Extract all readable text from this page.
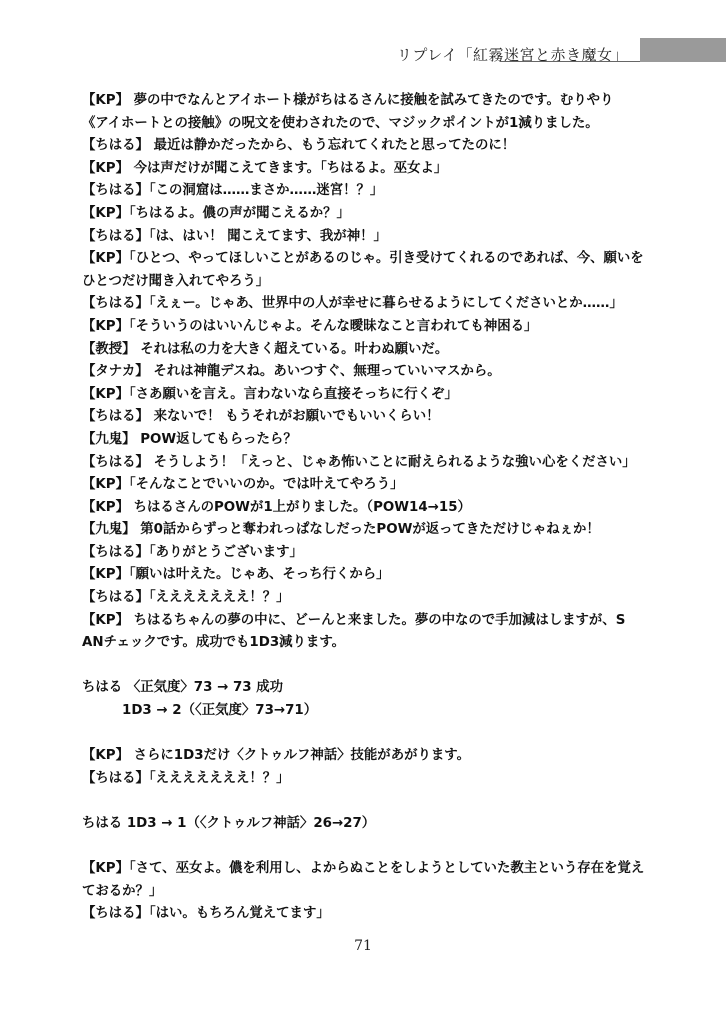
リプレイ「紅霧迷宮と赤き魔女」
【KP】 夢の中でなんとアイホート様がちはるさんに接触を試みてきたのです。むりやり
《アイホートとの接触》の呪文を使わされたので、マジックポイントが1減りました。
【ちはる】 最近は静かだったから、もう忘れてくれたと思ってたのに！
【KP】 今は声だけが聞こえてきます。「ちはるよ。巫女よ」
【ちはる】「この洞窟は……まさか……迷宮！？」
【KP】「ちはるよ。儂の声が聞こえるか？」
【ちはる】「は、はい！ 聞こえてます、我が神！」
【KP】「ひとつ、やってほしいことがあるのじゃ。引き受けてくれるのであれば、今、願いを
ひとつだけ聞き入れてやろう」
【ちはる】「えぇー。じゃあ、世界中の人が幸せに暮らせるようにしてくださいとか……」
【KP】「そういうのはいいんじゃよ。そんな曖昧なこと言われても神困る」
【教授】 それは私の力を大きく超えている。叶わぬ願いだ。
【タナカ】 それは神龍デスね。あいつすぐ、無理っていいマスから。
【KP】「さあ願いを言え。言わないなら直接そっちに行くぞ」
【ちはる】 来ないで！ もうそれがお願いでもいいくらい！
【九鬼】 POW返してもらったら？
【ちはる】 そうしよう！「えっと、じゃあ怖いことに耐えられるような強い心をください」
【KP】「そんなことでいいのか。では叶えてやろう」
【KP】 ちはるさんのPOWが1上がりました。（POW14→15）
【九鬼】 第0話からずっと奪われっぱなしだったPOWが返ってきただけじゃねぇか！
【ちはる】「ありがとうございます」
【KP】「願いは叶えた。じゃあ、そっち行くから」
【ちはる】「えええええええ！？」
【KP】 ちはるちゃんの夢の中に、どーんと来ました。夢の中なので手加減はしますが、S
ANチェックです。成功でも1D3減ります。
ちはる 〈正気度〉73 → 73 成功
1D3 → 2（〈正気度〉73→71）
【KP】 さらに1D3だけ〈クトゥルフ神話〉技能があがります。
【ちはる】「えええええええ！？」
ちはる 1D3 → 1（〈クトゥルフ神話〉26→27）
【KP】「さて、巫女よ。儂を利用し、よからぬことをしようとしていた教主という存在を覚え
ておるか？」
【ちはる】「はい。もちろん覚えてます」
71
